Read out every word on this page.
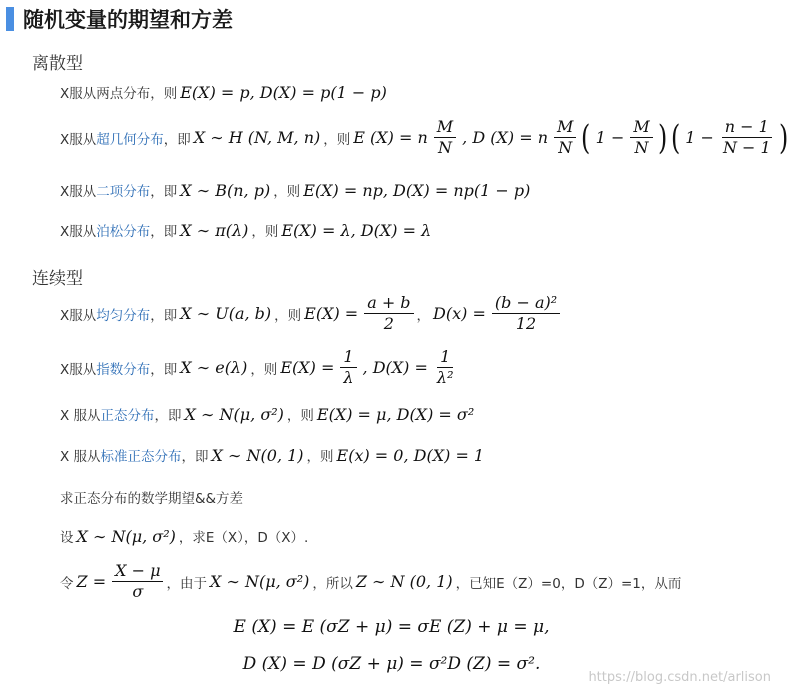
随机变量的期望和方差
离散型
X服从两点分布，则 E(X) = p, D(X) = p(1 − p)
X服从 超几何分布 ，即 X ∼ H (N, M, n) ，则 E (X) = n $\frac{M}{N}$ , D (X) = n $\frac{M}{N}$ ( $1 - \frac{M}{N}$ ) ( $1 - \frac{n - 1}{N - 1}$ )
X服从 二项分布 ，即 X ∼ B(n, p) ，则 E(X) = np, D(X) = np(1 − p)
X服从 泊松分布 ，即 X ∼ π(λ) ，则 E(X) = λ, D(X) = λ
连续型
X服从 均匀分布 ，即 X ∼ U(a, b) ，则 $E(X) = \frac{a + b}{2}$ ， $D(x) = \frac{\text{(b − a)²}}{12}$
X服从 指数分布 ，即 X ∼ e(λ) ，则 $E(X) = \frac{1}{\lambda}$ , $D(X) = \frac{1}{\text{λ²}}$
X 服从 正态分布 ，即 X ∼ N(μ, σ²) ，则 E(X) = μ, D(X) = σ²
X 服从 标准正态分布 ，即 X ∼ N(0, 1) ，则 E(x) = 0, D(X) = 1
求正态分布的数学期望&&方差
设 X ∼ N(μ, σ²) ，求E（X），D（X）.
令 $Z = \frac{X - \mu}{\sigma}$ ，由于 X ∼ N(μ, σ²) ，所以 Z ∼ N (0, 1) ，已知E（Z）=0，D（Z）=1，从而
E (X) = E (σZ + μ) = σE (Z) + μ = μ,
D (X) = D (σZ + μ) = σ²D (Z) = σ².
https://blog.csdn.net/arlison
